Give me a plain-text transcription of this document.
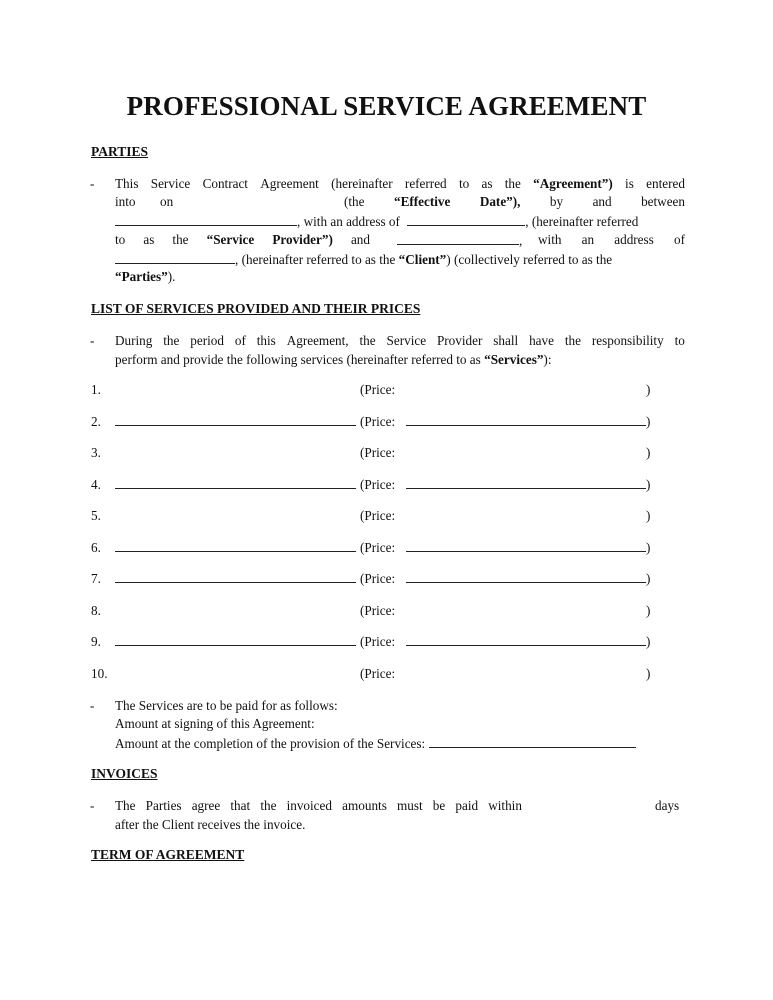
PROFESSIONAL SERVICE AGREEMENT
PARTIES
- This Service Contract Agreement (hereinafter referred to as the “Agreement”) is entered
into on	(the “Effective Date”), by and between
, with an address of	, (hereinafter referred
to as the “Service Provider”) and	, with an address of
, (hereinafter referred to as the “Client”) (collectively referred to as the
“Parties”).
LIST OF SERVICES PROVIDED AND THEIR PRICES
- During the period of this Agreement, the Service Provider shall have the responsibility to
perform and provide the following services (hereinafter referred to as “Services”):
1.	(Price:	)
2.	(Price:	)
3.	(Price:	)
4.	(Price:	)
5.	(Price:	)
6.	(Price:	)
7.	(Price:	)
8.	(Price:	)
9.	(Price:	)
10.	(Price:	)
- The Services are to be paid for as follows:
Amount at signing of this Agreement:
Amount at the completion of the provision of the Services:
INVOICES
- The Parties agree that the invoiced amounts must be paid within	days
after the Client receives the invoice.
TERM OF AGREEMENT
